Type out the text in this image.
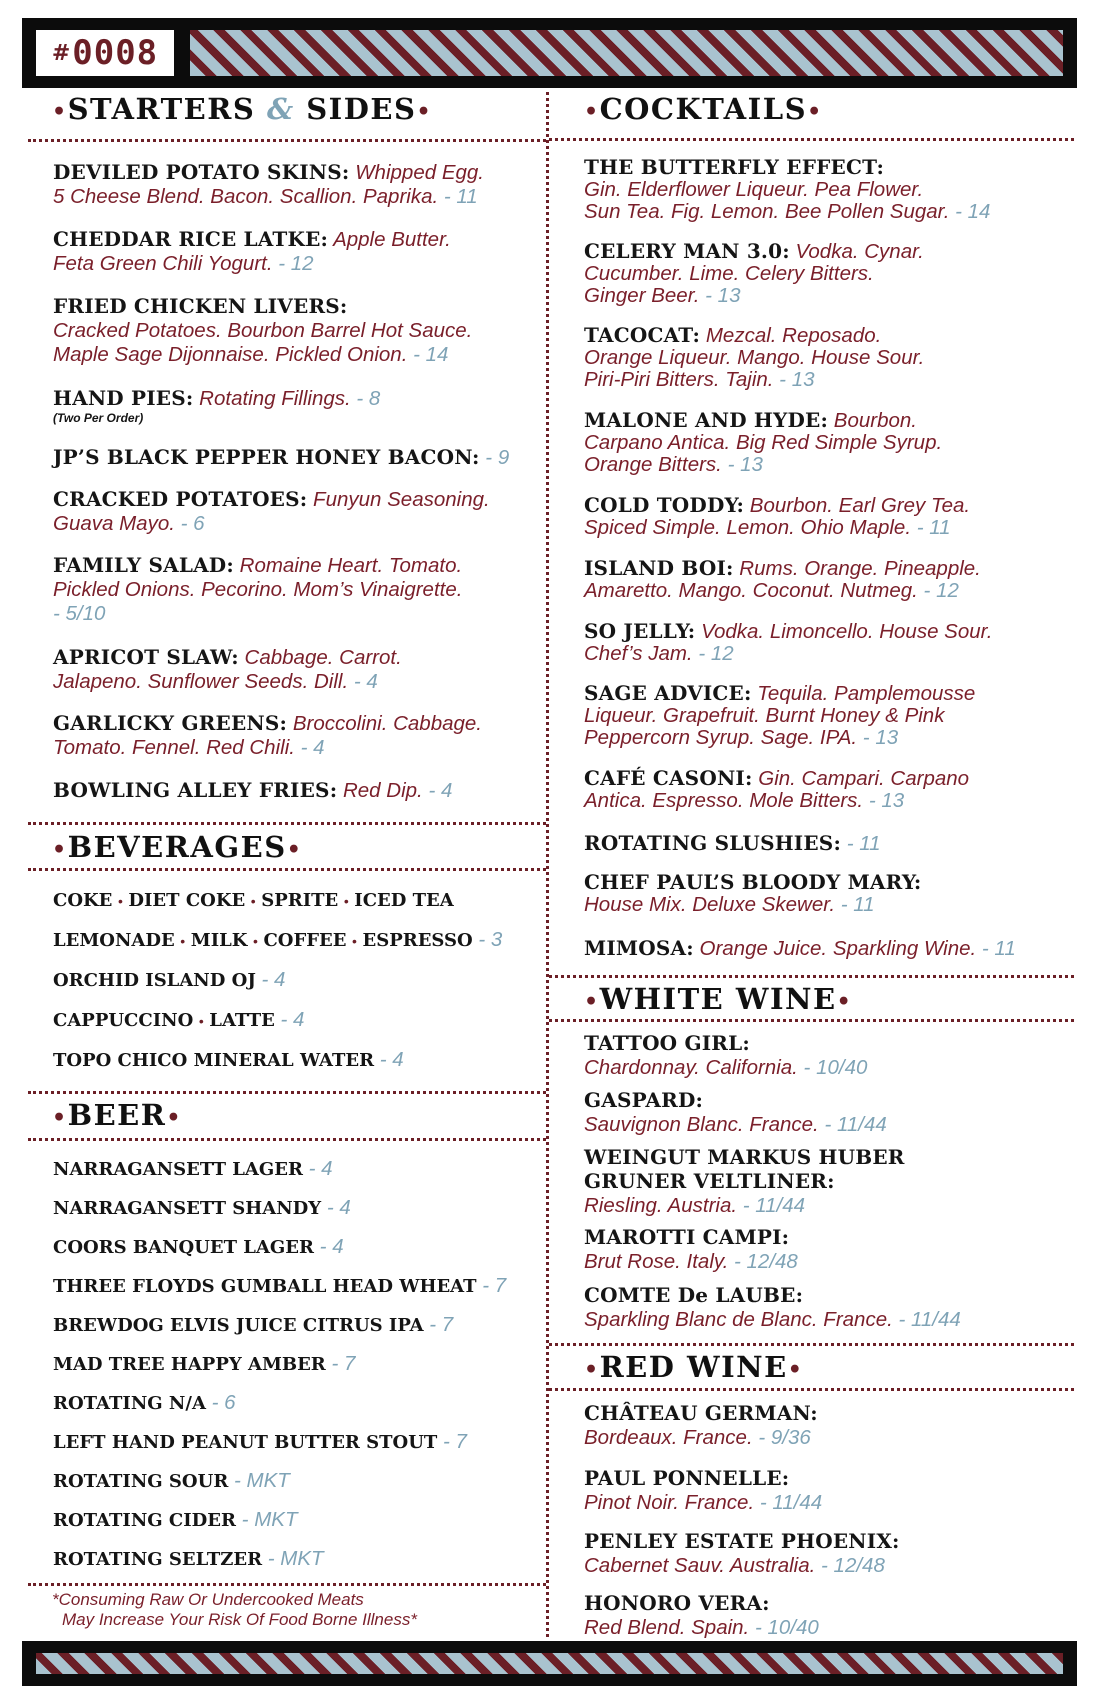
# 0008
•STARTERS & SIDES•
DEVILED POTATO SKINS: Whipped Egg.
5 Cheese Blend. Bacon. Scallion. Paprika. - 11
CHEDDAR RICE LATKE: Apple Butter.
Feta Green Chili Yogurt. - 12
FRIED CHICKEN LIVERS:
Cracked Potatoes. Bourbon Barrel Hot Sauce.
Maple Sage Dijonnaise. Pickled Onion. - 14
HAND PIES: Rotating Fillings. - 8

(Two Per Order)
JP’S BLACK PEPPER HONEY BACON: - 9
CRACKED POTATOES: Funyun Seasoning.
Guava Mayo. - 6
FAMILY SALAD: Romaine Heart. Tomato.
Pickled Onions. Pecorino. Mom’s Vinaigrette.
- 5/10
APRICOT SLAW: Cabbage. Carrot.
Jalapeno. Sunflower Seeds. Dill. - 4
GARLICKY GREENS: Broccolini. Cabbage.
Tomato. Fennel. Red Chili. - 4
BOWLING ALLEY FRIES: Red Dip. - 4
•BEVERAGES•
COKE • DIET COKE • SPRITE • ICED TEA
LEMONADE • MILK • COFFEE • ESPRESSO - 3
ORCHID ISLAND OJ - 4
CAPPUCCINO • LATTE - 4
TOPO CHICO MINERAL WATER - 4
•BEER•
NARRAGANSETT LAGER - 4
NARRAGANSETT SHANDY - 4
COORS BANQUET LAGER - 4
THREE FLOYDS GUMBALL HEAD WHEAT - 7
BREWDOG ELVIS JUICE CITRUS IPA - 7
MAD TREE HAPPY AMBER - 7
ROTATING N/A - 6
LEFT HAND PEANUT BUTTER STOUT - 7
ROTATING SOUR - MKT
ROTATING CIDER - MKT
ROTATING SELTZER - MKT
*Consuming Raw Or Undercooked Meats
May Increase Your Risk Of Food Borne Illness*
•COCKTAILS•
THE BUTTERFLY EFFECT:
Gin. Elderflower Liqueur. Pea Flower.
Sun Tea. Fig. Lemon. Bee Pollen Sugar. - 14
CELERY MAN 3.0: Vodka. Cynar.
Cucumber. Lime. Celery Bitters.
Ginger Beer. - 13
TACOCAT: Mezcal. Reposado.
Orange Liqueur. Mango. House Sour.
Piri-Piri Bitters. Tajin. - 13
MALONE AND HYDE: Bourbon.
Carpano Antica. Big Red Simple Syrup.
Orange Bitters. - 13
COLD TODDY: Bourbon. Earl Grey Tea.
Spiced Simple. Lemon. Ohio Maple. - 11
ISLAND BOI: Rums. Orange. Pineapple.
Amaretto. Mango. Coconut. Nutmeg. - 12
SO JELLY: Vodka. Limoncello. House Sour.
Chef’s Jam. - 12
SAGE ADVICE: Tequila. Pamplemousse
Liqueur. Grapefruit. Burnt Honey & Pink
Peppercorn Syrup. Sage. IPA. - 13
CAFÉ CASONI: Gin. Campari. Carpano
Antica. Espresso. Mole Bitters. - 13
ROTATING SLUSHIES: - 11
CHEF PAUL’S BLOODY MARY:
House Mix. Deluxe Skewer. - 11
MIMOSA: Orange Juice. Sparkling Wine. - 11
•WHITE WINE•
TATTOO GIRL:
Chardonnay. California. - 10/40
GASPARD:
Sauvignon Blanc. France. - 11/44
WEINGUT MARKUS HUBER
GRUNER VELTLINER:
Riesling. Austria. - 11/44
MAROTTI CAMPI:
Brut Rose. Italy. - 12/48
COMTE De LAUBE:
Sparkling Blanc de Blanc. France. - 11/44
•RED WINE•
CHÂTEAU GERMAN:
Bordeaux. France. - 9/36
PAUL PONNELLE:
Pinot Noir. France. - 11/44
PENLEY ESTATE PHOENIX:
Cabernet Sauv. Australia. - 12/48
HONORO VERA:
Red Blend. Spain. - 10/40
